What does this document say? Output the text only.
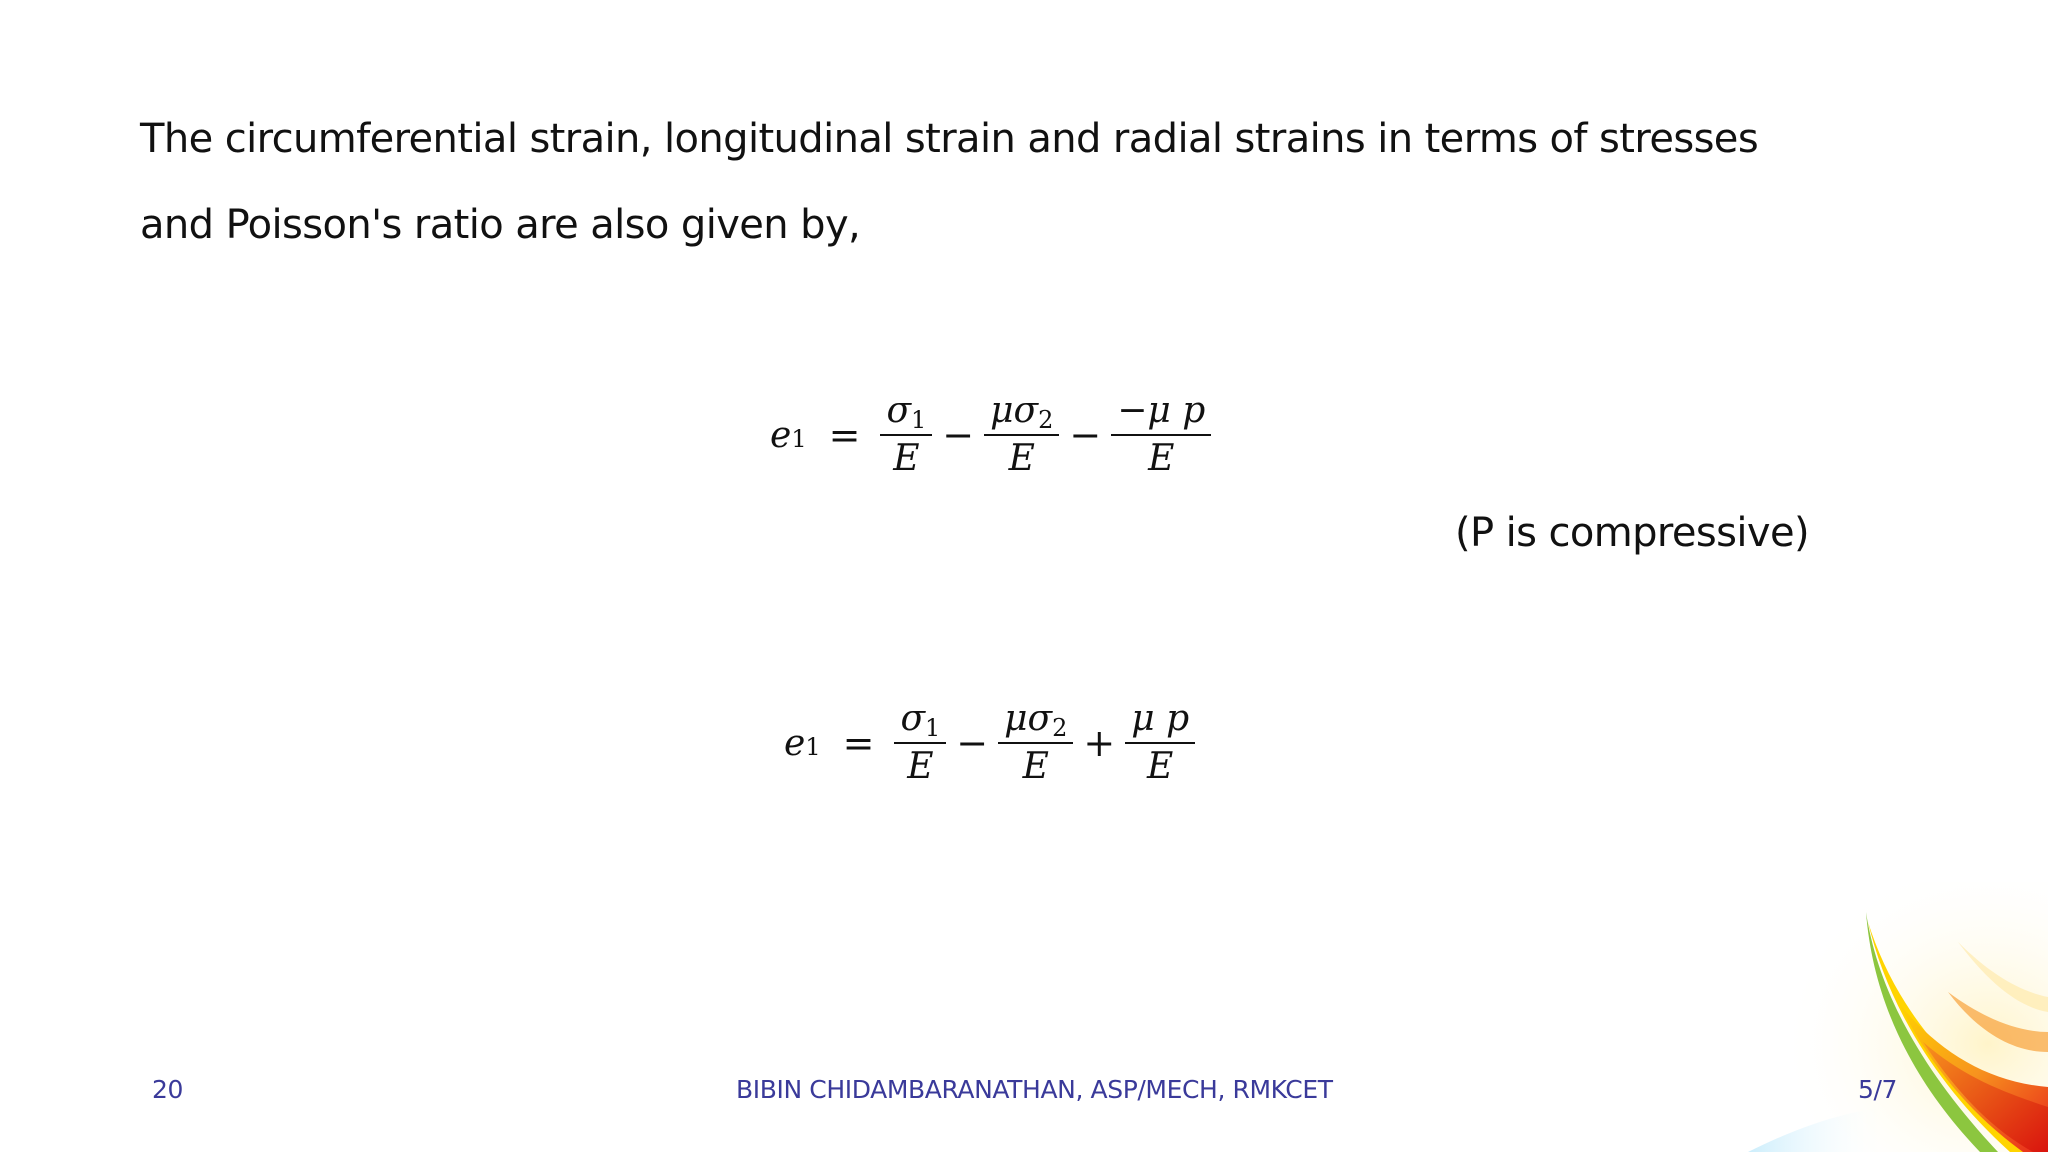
The circumferential strain, longitudinal strain and radial strains in terms of stresses

and Poisson's ratio are also given by,

e $1 = \frac{\sigma_1}{E} - \frac{\mu\sigma_2}{E} - \frac{\text{−μ p}}{E}$

(P is compressive)

e $1 = \frac{\sigma_1}{E} - \frac{\mu\sigma_2}{E} + \frac{\text{μ p}}{E}$
20	BIBIN CHIDAMBARANATHAN, ASP/MECH, RMKCET	5/7
